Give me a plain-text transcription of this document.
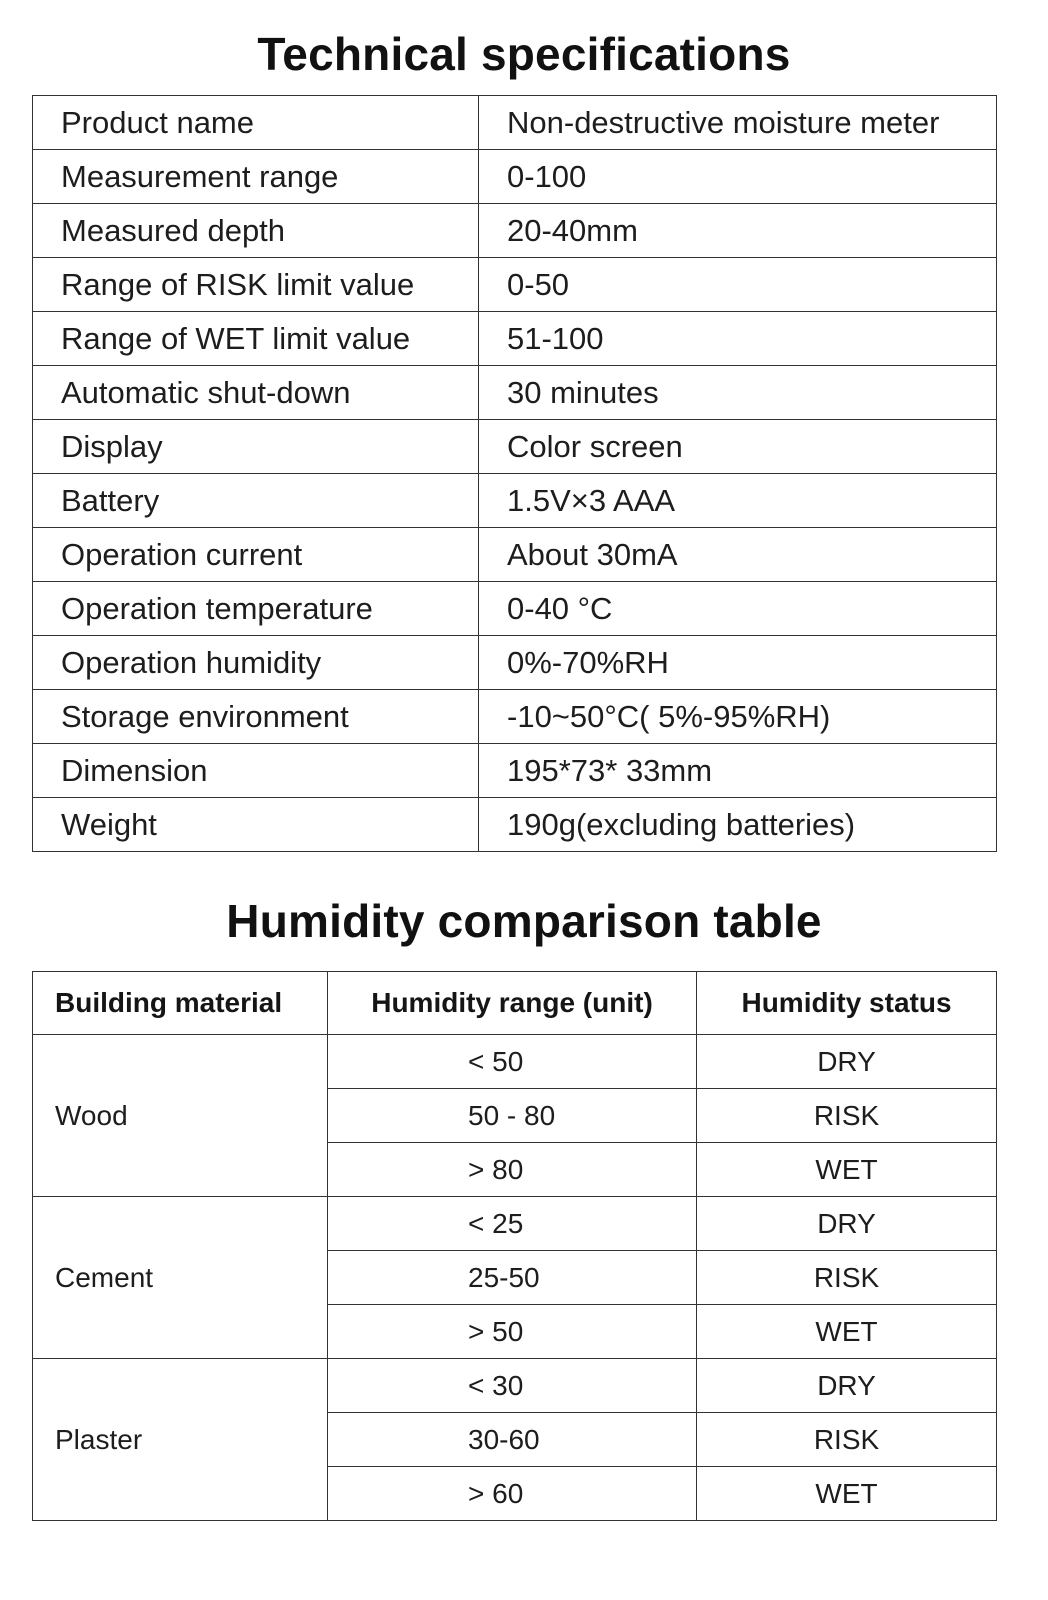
Technical specifications
Product name	Non-destructive moisture meter
Measurement range	0-100
Measured depth	20-40mm
Range of RISK limit value	0-50
Range of WET limit value	51-100
Automatic shut-down	30 minutes
Display	Color screen
Battery	1.5V×3 AAA
Operation current	About 30mA
Operation temperature	0-40 °C
Operation humidity	0%-70%RH
Storage environment	-10~50°C( 5%-95%RH)
Dimension	195*73* 33mm
Weight	190g(excluding batteries)
Humidity comparison table
Building material	Humidity range (unit)	Humidity status
Wood	< 50	DRY
	50 - 80	RISK
	> 80	WET
Cement	< 25	DRY
	25-50	RISK
	> 50	WET
Plaster	< 30	DRY
	30-60	RISK
	> 60	WET
